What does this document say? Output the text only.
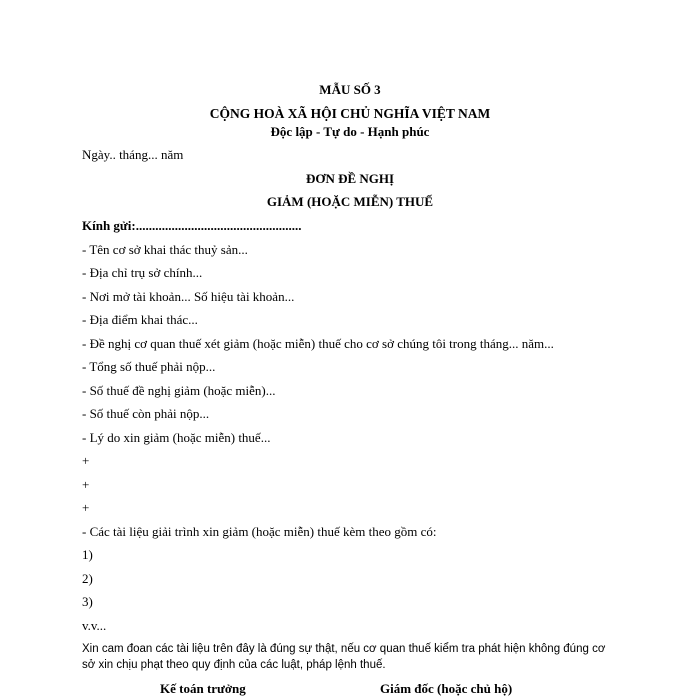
MẪU SỐ 3
CỘNG HOÀ XÃ HỘI CHỦ NGHĨA VIỆT NAM
Độc lập - Tự do - Hạnh phúc
Ngày.. tháng... năm
ĐƠN ĐỀ NGHỊ
GIẢM (HOẶC MIỄN) THUẾ
Kính gửi:...................................................
- Tên cơ sở khai thác thuỷ sản...
- Địa chỉ trụ sở chính...
- Nơi mở tài khoản... Số hiệu tài khoản...
- Địa điểm khai thác...
- Đề nghị cơ quan thuế xét giảm (hoặc miễn) thuế cho cơ sở chúng tôi trong tháng... năm...
- Tổng số thuế phải nộp...
- Số thuế đề nghị giảm (hoặc miễn)...
- Số thuế còn phải nộp...
- Lý do xin giảm (hoặc miễn) thuế...
+
+
+
- Các tài liệu giải trình xin giảm (hoặc miễn) thuế kèm theo gồm có:
1)
2)
3)
v.v...
Xin cam đoan các tài liệu trên đây là đúng sự thật, nếu cơ quan thuế kiểm tra phát hiện không đúng cơ
sở xin chịu phạt theo quy định của các luật, pháp lệnh thuế.
Kế toán trưởng	Giám đốc (hoặc chủ hộ)
